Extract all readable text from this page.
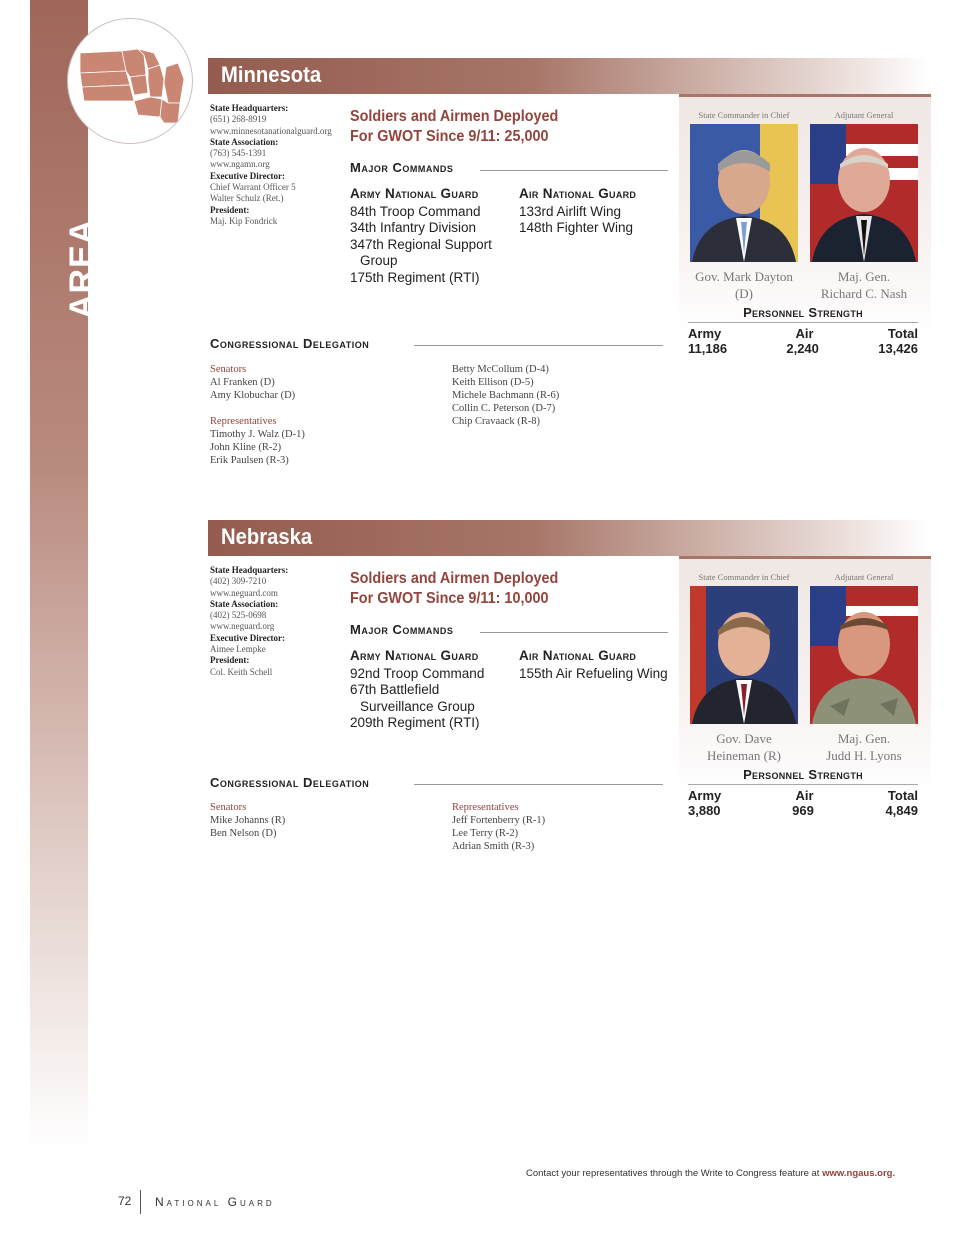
AREA V
Minnesota
State Headquarters:
(651) 268-8919
www.minnesotanationalguard.org
State Association:
(763) 545-1391
www.ngamn.org
Executive Director:
Chief Warrant Officer 5
Walter Schulz (Ret.)
President:
Maj. Kip Fondrick
Soldiers and Airmen Deployed
For GWOT Since 9/11: 25,000
Major Commands
Army National Guard
84th Troop Command
34th Infantry Division
347th Regional Support
Group
175th Regiment (RTI)
Air National Guard
133rd Airlift Wing
148th Fighter Wing
Congressional Delegation
Senators
Al Franken (D)
Amy Klobuchar (D)
Representatives
Timothy J. Walz (D-1)
John Kline (R-2)
Erik Paulsen (R-3)
Betty McCollum (D-4)
Keith Ellison (D-5)
Michele Bachmann (R-6)
Collin C. Peterson (D-7)
Chip Cravaack (R-8)
State Commander in Chief
Gov. Mark Dayton
(D)
Adjutant General
Maj. Gen.
Richard C. Nash
Personnel Strength
Army	Air	Total
11,186	2,240	13,426
Nebraska
State Headquarters:
(402) 309-7210
www.neguard.com
State Association:
(402) 525-0698
www.neguard.org
Executive Director:
Aimee Lempke
President:
Col. Keith Schell
Soldiers and Airmen Deployed
For GWOT Since 9/11: 10,000
Major Commands
Army National Guard
92nd Troop Command
67th Battlefield
Surveillance Group
209th Regiment (RTI)
Air National Guard
155th Air Refueling Wing
Congressional Delegation
Senators
Mike Johanns (R)
Ben Nelson (D)
Representatives
Jeff Fortenberry (R-1)
Lee Terry (R-2)
Adrian Smith (R-3)
State Commander in Chief
Gov. Dave
Heineman (R)
Adjutant General
Maj. Gen.
Judd H. Lyons
Personnel Strength
Army	Air	Total
3,880	969	4,849
Contact your representatives through the Write to Congress feature at www.ngaus.org.
72 National Guard
